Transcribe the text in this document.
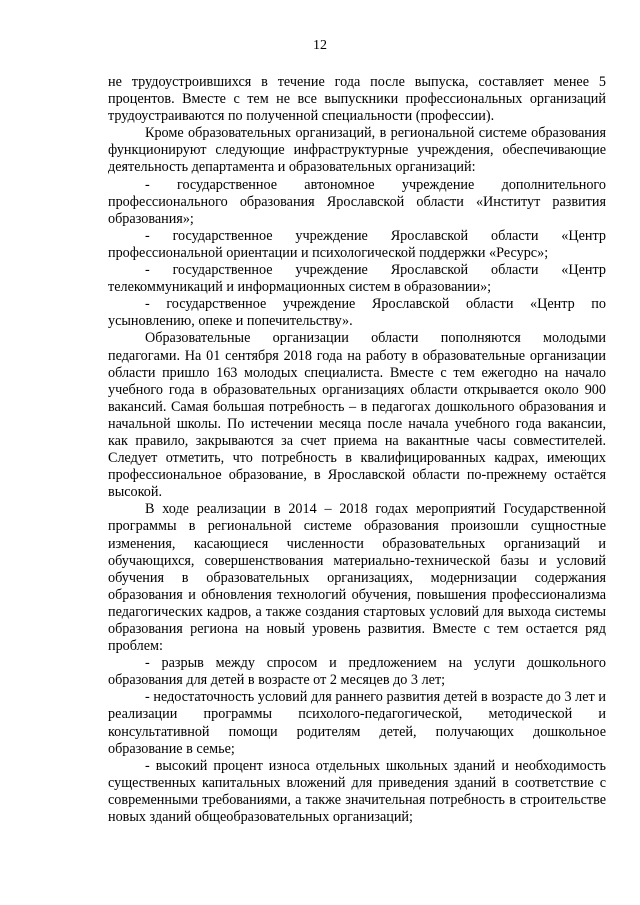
12

не трудоустроившихся в течение года после выпуска, составляет менее 5 процентов. Вместе с тем не все выпускники профессиональных организаций трудоустраиваются по полученной специальности (профессии).

Кроме образовательных организаций, в региональной системе образования функционируют следующие инфраструктурные учреждения, обеспечивающие деятельность департамента и образовательных организаций:

- государственное автономное учреждение дополнительного профессионального образования Ярославской области «Институт развития образования»;

- государственное учреждение Ярославской области «Центр профессиональной ориентации и психологической поддержки «Ресурс»;

- государственное учреждение Ярославской области «Центр телекоммуникаций и информационных систем в образовании»;

- государственное учреждение Ярославской области «Центр по усыновлению, опеке и попечительству».

Образовательные организации области пополняются молодыми педагогами. На 01 сентября 2018 года на работу в образовательные организации области пришло 163 молодых специалиста. Вместе с тем ежегодно на начало учебного года в образовательных организациях области открывается около 900 вакансий. Самая большая потребность – в педагогах дошкольного образования и начальной школы. По истечении месяца после начала учебного года вакансии, как правило, закрываются за счет приема на вакантные часы совместителей. Следует отметить, что потребность в квалифицированных кадрах, имеющих профессиональное образование, в Ярославской области по-прежнему остаётся высокой.

В ходе реализации в 2014 – 2018 годах мероприятий Государственной программы в региональной системе образования произошли сущностные изменения, касающиеся численности образовательных организаций и обучающихся, совершенствования материально-технической базы и условий обучения в образовательных организациях, модернизации содержания образования и обновления технологий обучения, повышения профессионализма педагогических кадров, а также создания стартовых условий для выхода системы образования региона на новый уровень развития. Вместе с тем остается ряд проблем:

- разрыв между спросом и предложением на услуги дошкольного образования для детей в возрасте от 2 месяцев до 3 лет;

- недостаточность условий для раннего развития детей в возрасте до 3 лет и реализации программы психолого-педагогической, методической и консультативной помощи родителям детей, получающих дошкольное образование в семье;

- высокий процент износа отдельных школьных зданий и необходимость существенных капитальных вложений для приведения зданий в соответствие с современными требованиями, а также значительная потребность в строительстве новых зданий общеобразовательных организаций;
